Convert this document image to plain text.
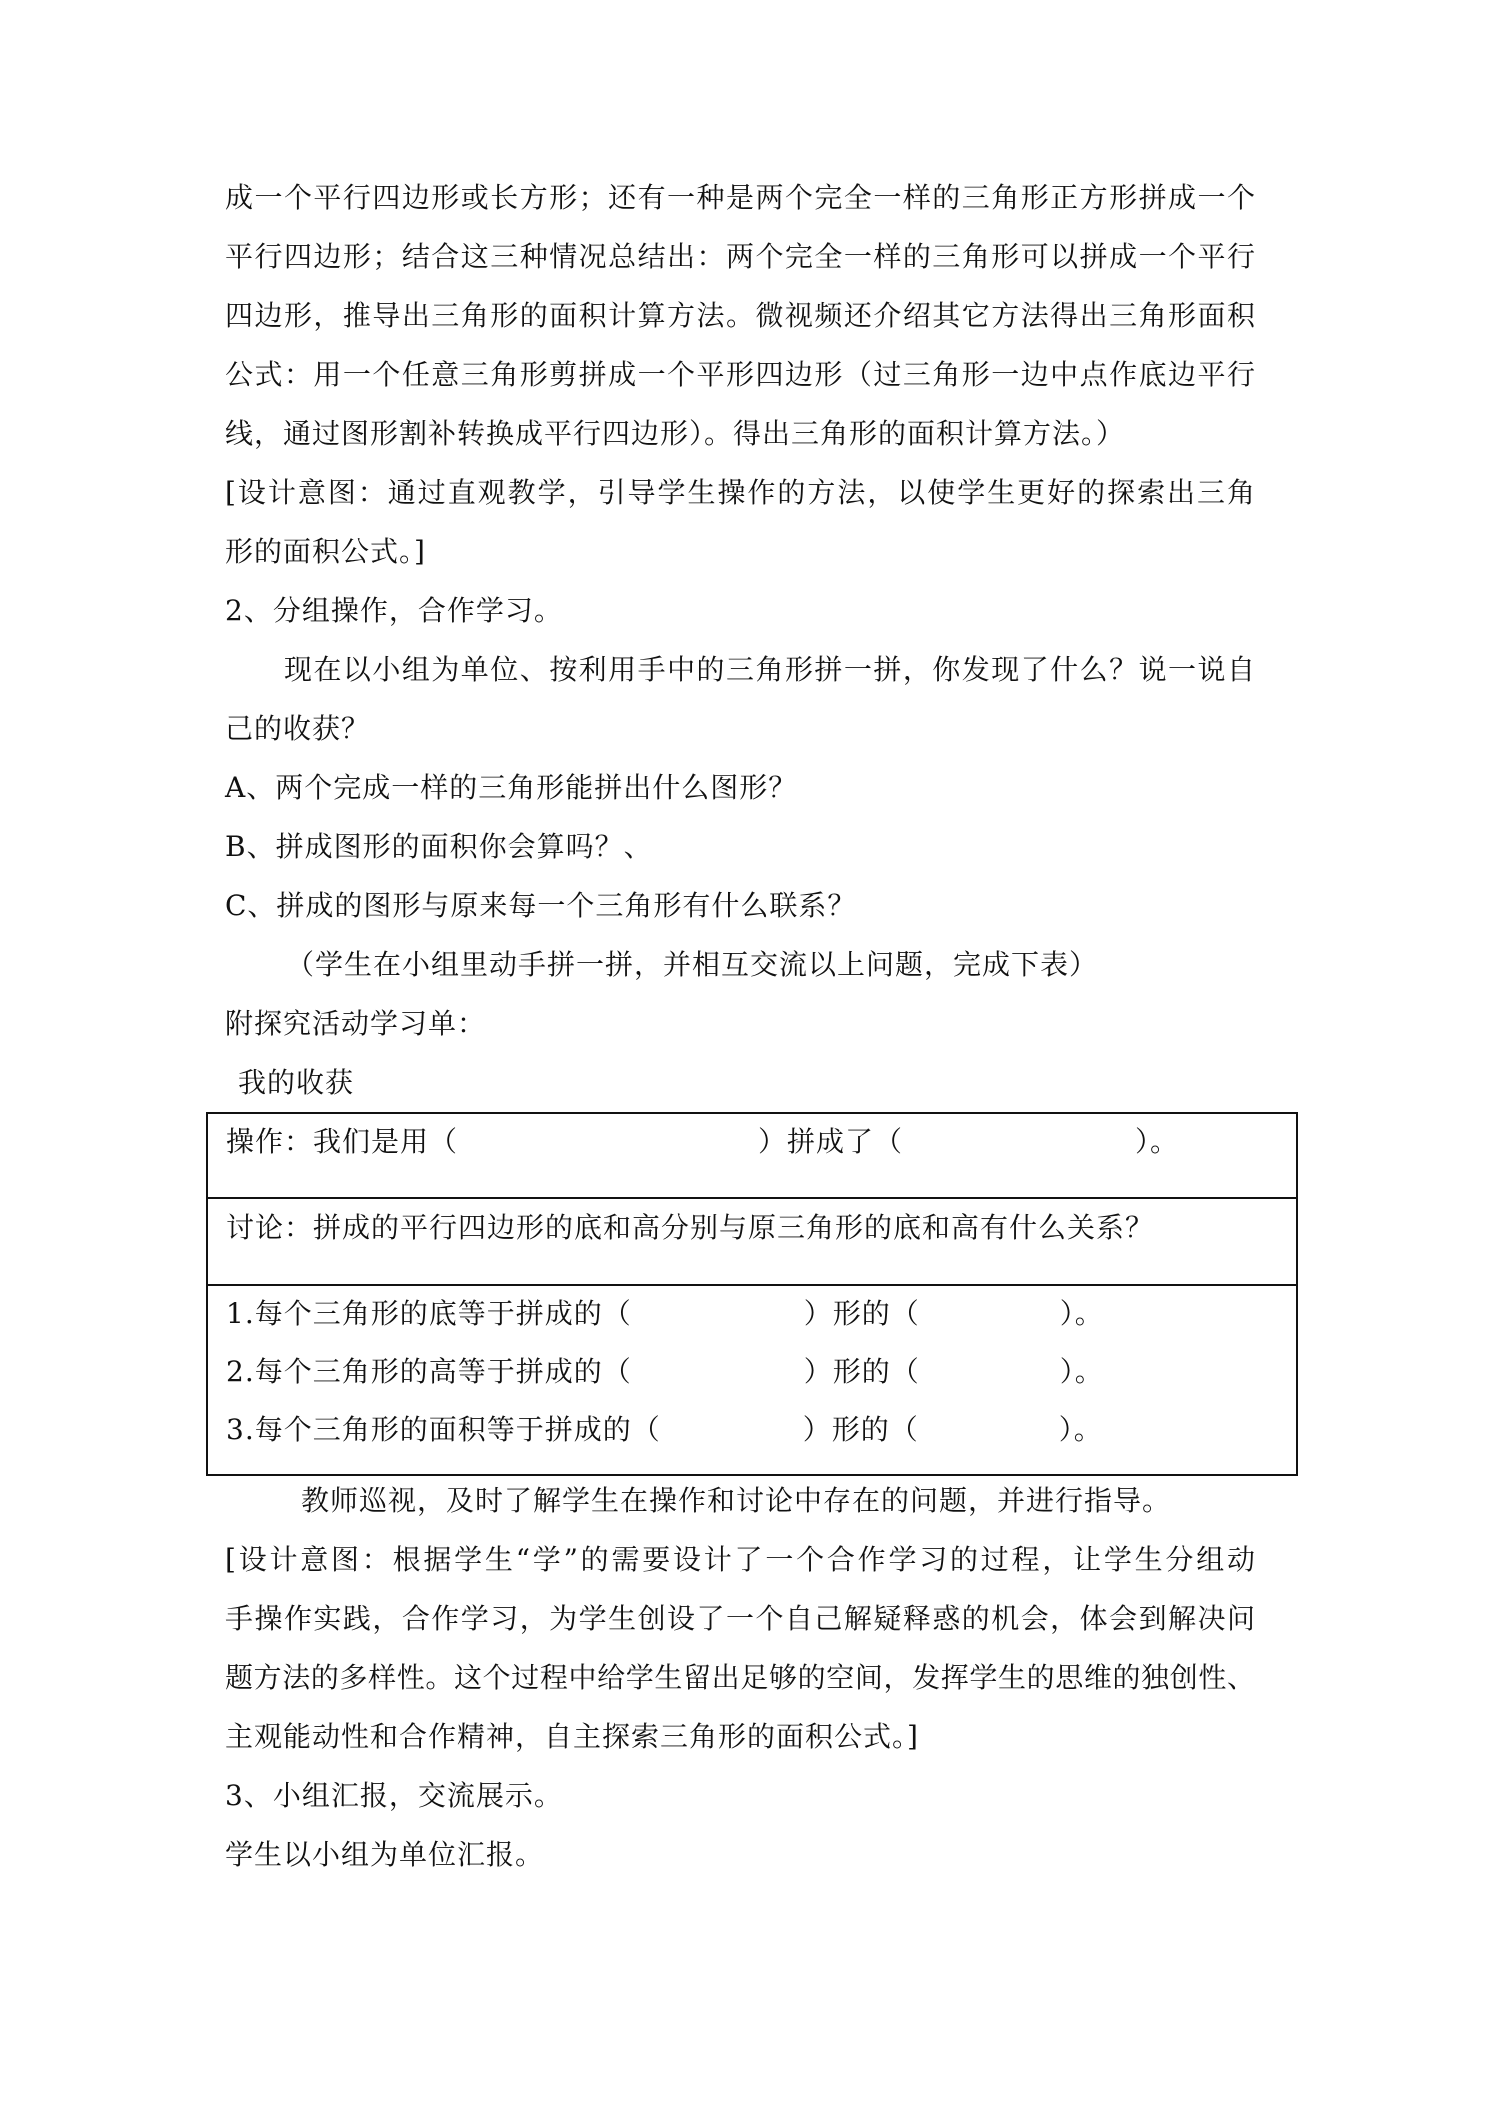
成一个平行四边形或长方形；还有一种是两个完全一样的三角形正方形拼成一个
平行四边形；结合这三种情况总结出：两个完全一样的三角形可以拼成一个平行
四边形，推导出三角形的面积计算方法。微视频还介绍其它方法得出三角形面积
公式：用一个任意三角形剪拼成一个平形四边形（过三角形一边中点作底边平行
线，通过图形割补转换成平行四边形）。得出三角形的面积计算方法。）
[设计意图：通过直观教学，引导学生操作的方法，以使学生更好的探索出三角
形的面积公式。]
2、分组操作，合作学习。
现在以小组为单位、按利用手中的三角形拼一拼，你发现了什么？说一说自
己的收获？
A、两个完成一样的三角形能拼出什么图形？
B、拼成图形的面积你会算吗？、
C、拼成的图形与原来每一个三角形有什么联系？
（学生在小组里动手拼一拼，并相互交流以上问题，完成下表）
附探究活动学习单：
我的收获
操作：我们是用（	）拼成了（	）。
讨论：拼成的平行四边形的底和高分别与原三角形的底和高有什么关系？
1.每个三角形的底等于拼成的（	）形的（	）。
2.每个三角形的高等于拼成的（	）形的（	）。
3.每个三角形的面积等于拼成的（	）形的（	）。
教师巡视，及时了解学生在操作和讨论中存在的问题，并进行指导。
[设计意图：根据学生“学”的需要设计了一个合作学习的过程，让学生分组动
手操作实践，合作学习，为学生创设了一个自己解疑释惑的机会，体会到解决问
题方法的多样性。这个过程中给学生留出足够的空间，发挥学生的思维的独创性、
主观能动性和合作精神，自主探索三角形的面积公式。]
3、小组汇报，交流展示。
学生以小组为单位汇报。
